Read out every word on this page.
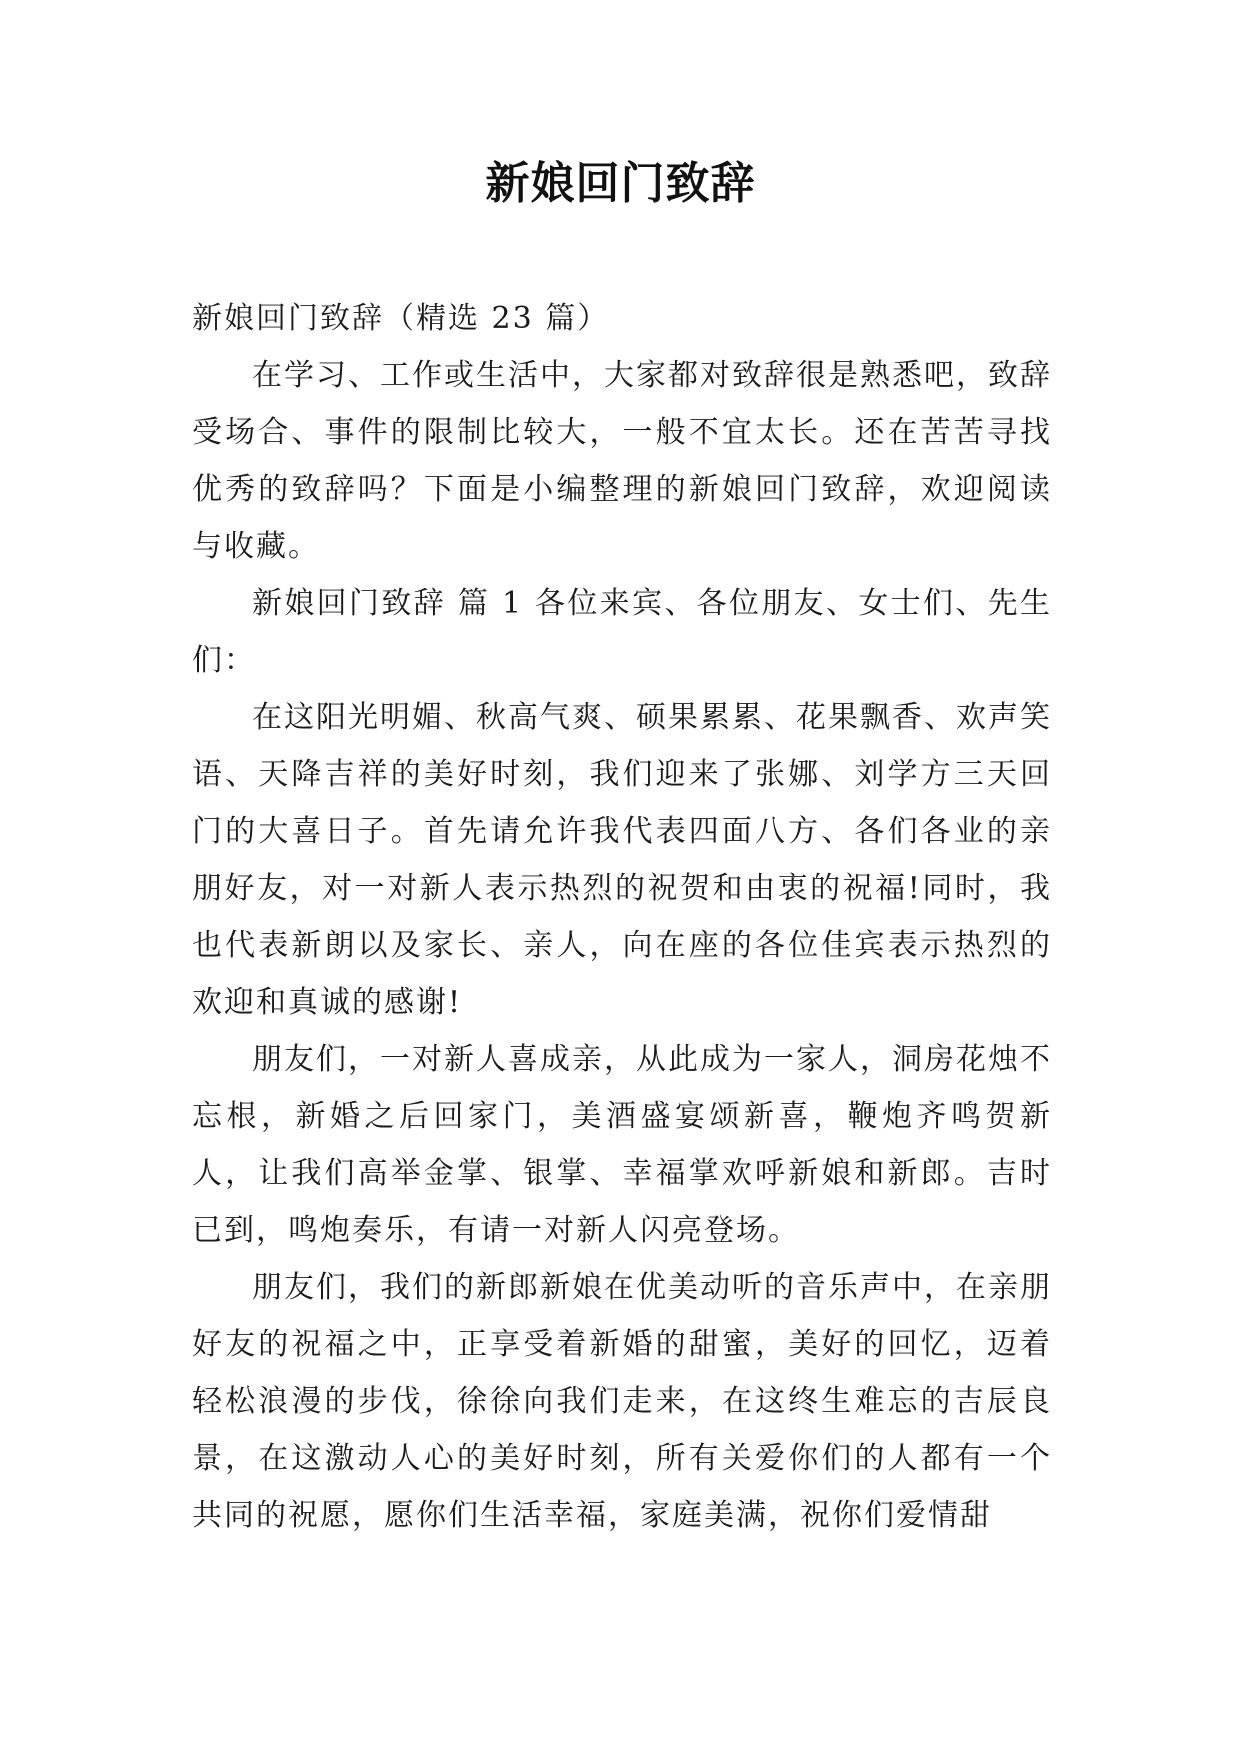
新娘回门致辞

新娘回门致辞（精选 23 篇）

在学习、工作或生活中，大家都对致辞很是熟悉吧，致辞受场合、事件的限制比较大，一般不宜太长。还在苦苦寻找优秀的致辞吗？下面是小编整理的新娘回门致辞，欢迎阅读与收藏。

新娘回门致辞 篇 1 各位来宾、各位朋友、女士们、先生们：

在这阳光明媚、秋高气爽、硕果累累、花果飘香、欢声笑语、天降吉祥的美好时刻，我们迎来了张娜、刘学方三天回门的大喜日子。首先请允许我代表四面八方、各们各业的亲朋好友，对一对新人表示热烈的祝贺和由衷的祝福!同时，我也代表新朗以及家长、亲人，向在座的各位佳宾表示热烈的欢迎和真诚的感谢!

朋友们，一对新人喜成亲，从此成为一家人，洞房花烛不忘根，新婚之后回家门，美酒盛宴颂新喜，鞭炮齐鸣贺新人，让我们高举金掌、银掌、幸福掌欢呼新娘和新郎。吉时已到，鸣炮奏乐，有请一对新人闪亮登场。

朋友们，我们的新郎新娘在优美动听的音乐声中，在亲朋好友的祝福之中，正享受着新婚的甜蜜，美好的回忆，迈着轻松浪漫的步伐，徐徐向我们走来，在这终生难忘的吉辰良景，在这激动人心的美好时刻，所有关爱你们的人都有一个共同的祝愿，愿你们生活幸福，家庭美满，祝你们爱情甜
